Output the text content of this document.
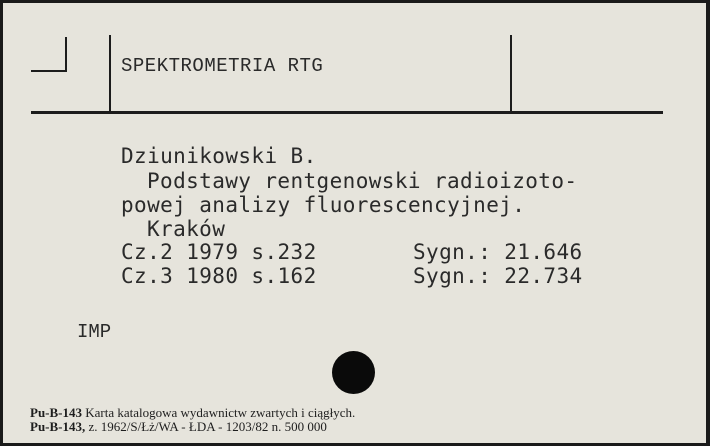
SPEKTROMETRIA RTG
Dziunikowski B.
Podstawy rentgenowski radioizoto-
powej analizy fluorescencyjnej.
Kraków
Cz.2 1979 s.232	Sygn.: 21.646
Cz.3 1980 s.162	Sygn.: 22.734
IMP
Pu-B-143 Karta katalogowa wydawnictw zwartych i ciągłych.
Pu-B-143, z. 1962/S/Łż/WA - ŁDA - 1203/82 n. 500 000
